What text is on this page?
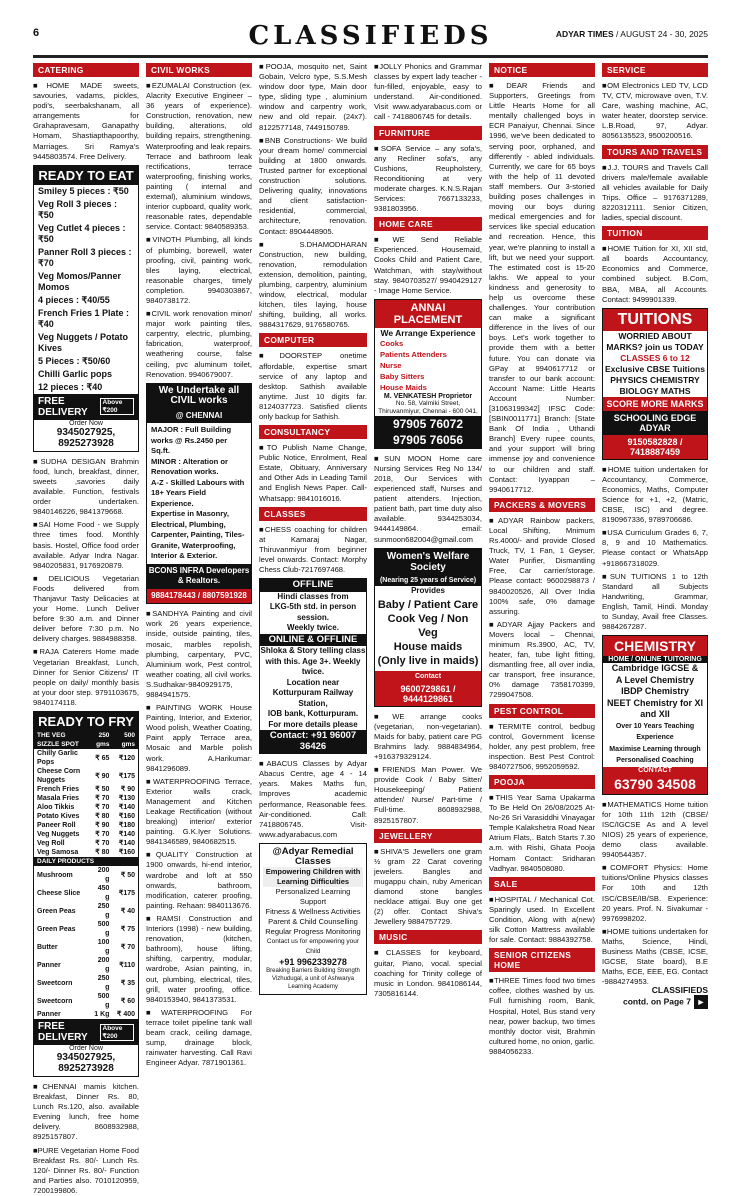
6	CLASSIFIEDS	ADYAR TIMES / AUGUST 24 - 30, 2025
CATERING
■HOME MADE sweets, savouries, vadams, pickles, podi's, seerbakshanam, all arrangements for Grahapravesam, Ganapathy Homam, Shastiapthapoorthy, Marriages. Sri Ramya's 9445803574. Free Delivery.
READY TO EAT
Smiley 5 pieces : ₹50
Veg Roll 3 pieces : ₹50
Veg Cutlet 4 pieces : ₹50
Panner Roll 3 pieces : ₹70
Veg Momos/Panner Momos
4 pieces : ₹40/55
French Fries 1 Plate : ₹40
Veg Nuggets / Potato Kives
5 Pieces : ₹50/60
Chilli Garlic pops
12 pieces : ₹40
FREE DELIVERY
Above ₹200
Order Now
9345027925, 8925273928
■SUDHA DESIGAN Brahmin food, lunch, breakfast, dinner, sweets ,savories daily available. Function, festivals order undertaken. 9840146226, 9841379668.
■SAI Home Food - we Supply three times food. Monthly basis. Hostel, Office food order available. Adyar Indra Nagar. 9840205831, 9176920879.
■DELICIOUS Vegetarian Foods delivered from Thanjavur Tasty Delicacies at your Home. Lunch Deliver before 9:30 a.m. and Dinner deliver before 7:30 p.m. No delivery charges. 9884988358.
■RAJA Caterers Home made Vegetarian Breakfast, Lunch, Dinner for Senior Citizens/ IT people on daily/ monthly basis at your door step. 9791103675, 9840174118.
READY TO FRY
THE VEG SIZZLE SPOT	250 gms	500 gms
Chilly Garlic Pops	₹ 65	₹120
Cheese Corn Nuggets	₹ 90	₹175
French Fries	₹ 50	₹ 90
Masala Fries	₹ 70	₹130
Aloo Tikkis	₹ 70	₹140
Potato Kives	₹ 80	₹160
Paneer Roll	₹ 90	₹180
Veg Nuggets	₹ 70	₹140
Veg Roll	₹ 70	₹140
Veg Samosa	₹ 80	₹160
DAILY PRODUCTS		
Mushroom	200 g	₹ 50
Cheese Slice	450 g	₹175
Green Peas	250 g	₹ 40
Green Peas	500 g	₹ 75
Butter	100 g	₹ 70
Panner	200 g	₹110
Sweetcorn	250 g	₹ 35
Sweetcorn	500 g	₹ 60
Panner	1 Kg	₹ 400
FREE DELIVERY
Above ₹200
Order Now
9345027925, 8925273928
■CHENNAI mamis kitchen. Breakfast, Dinner Rs. 80, Lunch Rs.120, also. available Evening lunch, free home delivery. 8608932988, 8925157807.
■PURE Vegetarian Home Food Breakfast Rs. 80/- Lunch Rs. 120/- Dinner Rs. 80/- Function and Parties also. 7010120959, 7200199806.
CIVIL WORKS
■EZUMALAI Construction (ex. Alacrity Executive Engineer – 36 years of experience). Construction, renovation, new building, alterations, old building repairs, strengthening. Waterproofing and leak repairs. Terrace and bathroom leak rectifications, terrace waterproofing, finishing works, painting ( internal and external), aluminium windows, interior cupboard, quality work, reasonable rates, dependable service. Contact: 9840589353.
■VINOTH Plumbing, all kinds of plumbing, borewell, water proofing, civil, painting work, tiles laying, electrical, reasonable charges, timely completion. 9940303867, 9840738172.
■CIVIL work renovation minor/ major work painting tiles, carpentry, electric, plumbing, fabrication, waterproof, weathering course, false ceiling, pvc aluminum toilet, Renovation. 9940679007.
We Undertake all CIVIL works
@ CHENNAI
MAJOR : Full Building works @ Rs.2450 per Sq.ft.
MINOR : Alteration or Renovation works.
A-Z - Skilled Labours with 18+ Years Field Experience.
Expertise in Masonry, Electrical, Plumbing, Carpenter, Painting, Tiles-Granite, Waterproofing, Interior & Exterior.
BCONS INFRA Developers & Realtors.
9884178443 / 8807591928
■SANDHYA Painting and civil work 26 years experience, inside, outside painting, tiles, mosaic, marbles repolish, plumbing, carpentary, PVC, Aluminium work, Pest control, weather coating, all civil works. S.Sudhakar-9840929175, 9884941575.
■PAINTING WORK House Painting, Interior, and Exterior, Wood polish, Weather Coating, Paint apply Terrace area, Mosaic and Marble polish work. A.Harikumar: 9841296089.
■WATERPROOFING Terrace, Exterior walls crack, Management and Kitchen Leakage Rectification (without breaking) interior/ exterior painting. G.K.Iyer Solutions. 9841346589, 9840682515.
■QUALITY Construction at 1900 onwards, hi-end interior, wardrobe and loft at 550 onwards, bathroom, modification, caterer proofing, painting. Rehaan: 9840113676.
■RAMSI Construction and Interiors (1998) - new building, renovation, (kitchen, bathroom), house lifting, shifting, carpentry, modular, wardrobe, Asian painting, in, out, plumbing, electrical, tiles, grill, water proofing, office. 9840153940, 9841373531.
■WATERPROOFING For terrace toilet pipeline tank wall beam crack, ceiling damage, sump, drainage block, rainwater harvesting. Call Ravi Engineer Adyar. 7871901361.
■POOJA, mosquito net, Saint Gobain, Velcro type, S.S.Mesh window door type, Main door type, sliding type , aluminium window and carpentry work, new and old repair. (24x7). 8122577148, 7449150789.
■BNB Constructions- We build your dream home/ commercial building at 1800 onwards. Trusted partner for exceptional construction solutions. Delivering quality, innovations and client satisfaction- residential, commercial, architecture, renovation. Contact: 8904448905.
■S.DHAMODHARAN Construction, new building, renovation, remodulation extension, demolition, painting, plumbing, carpentry, aluminium window, electrical, modular kitchen, tiles laying, house shifting, building, all works. 9884317629, 9176580765.
COMPUTER
■DOORSTEP onetime affordable, expertise smart service of any laptop and desktop. Sathish available anytime. Just 10 digits far. 8124037723. Satisfied clients only backup for Sathish.
CONSULTANCY
■TO Publish Name Change, Public Notice, Enrolment, Real Estate, Obituary, Anniversary and Other Ads in Leading Tamil and English News Paper. Call-Whatsapp: 9841016016.
CLASSES
■CHESS coaching for children at Kamaraj Nagar, Thiruvanmiyur from beginner level onwards. Contact: Morphy Chess Club-7217697468.
OFFLINE
Hindi classes from
LKG-5th std. in person session.
Weekly twice.
ONLINE & OFFLINE
Shloka & Story telling class
with this. Age 3+. Weekly twice.
Location near
Kotturpuram Railway Station,
IOB bank, Kotturpuram.
For more details please
Contact: +91 96007 36426
■ABACUS Classes by Adyar Abacus Centre, age 4 - 14 years. Makes Maths fun, Improves academic performance, Reasonable fees. Air-conditioned. Call: 7418806745. Visit- www.adyarabacus.com
@Adyar Remedial Classes
Empowering Children with Learning Difficulties
Personalized Learning Support
Fitness & Wellness Activities
Parent & Child Counselling
Regular Progress Monitoring
Contact us for empowering your Child
+91 9962339278
Breaking Barriers Building Strength Vizhudugal, a unit of Ashwarya Learning Academy
■JOLLY Phonics and Grammar classes by expert lady teacher - fun-filled, enjoyable, easy to understand. Air-conditioned. Visit www.adyarabacus.com or call - 7418806745 for details.
FURNITURE
■SOFA Service – any sofa's, any Recliner sofa's, any Cushions, Reupholstery, Reconditioning at very moderate charges. K.N.S.Rajan Services: 7667133233, 9381803956.
HOME CARE
■WE Send Reliable Experienced. Housemaid, Cooks Child and Patient Care, Watchman, with stay/without stay. 9840703527/ 9940429127 - Image Home Service.
ANNAI PLACEMENT
We Arrange Experience
Cooks
Patients Attenders
Nurse
Baby Sitters
House Maids
M. VENKATESH Proprietor
No. 58, Valmiki Street, Thiruvanmiyur, Chennai - 600 041.
97905 76072
97905 76056
■SUN MOON Home care Nursing Services Reg No 134/ 2018, Our Services with experienced staff, Nurses and patient attenders. Injection, patient bath, part time duty also available. 9344253034, 9444149864. email: sunmoon682004@gmail.com
Women's Welfare Society
(Nearing 25 years of Service)
Provides
Baby / Patient Care
Cook Veg / Non Veg
House maids
(Only live in maids)
Contact
9600729861 / 9444129861
■WE arrange cooks (vegetarian, non-vegetarian). Maids for baby, patient care PG Brahmins lady. 9884834964, +916379329124.
■FRIENDS Man Power. We provide Cook / Baby Sitter/ Housekeeping/ Patient attender/ Nurse/ Part-time / Full-time. 8608932988, 8925157807.
JEWELLERY
■SHIVA'S Jewellers one gram ½ gram 22 Carat covering jewelers. Bangles and mugappu chain, ruby American diamond stone bangles necklace attigai. Buy one get (2) offer. Contact Shiva's Jewellery 9884757729.
MUSIC
■CLASSES for keyboard, guitar, Piano, vocal. special coaching for Trinity college of music in London. 9841086144, 7305816144.
NOTICE
■DEAR Friends and Supporters, Greetings from Little Hearts Home for all mentally challenged boys in ECR Panaiyur, Chennai. Since 1996, we've been dedicated to serving poor, orphaned, and differently - abled individuals. Currently, we care for 65 boys with the help of 11 devoted staff members. Our 3-storied building poses challenges in moving our boys during medical emergencies and for services like special education and recreation. Hence, this year, we're planning to install a lift, but we need your support. The estimated cost is 15-20 lakhs. We appeal to your kindness and generosity to help us overcome these challenges. Your contribution can make a significant difference in the lives of our boys. Let's work together to provide them with a better future. You can donate via GPay at 9940617712 or transfer to our bank account: Account Name: Little Hearts Account Number: [31063199342] IFSC Code: [SBIN0011771] Branch: [State Bank Of India , Uthandi Branch] Every rupee counts, and your support will bring immense joy and convenience to our children and staff. Contact: Iyyappan – 9940617712.
PACKERS & MOVERS
■ADYAR Rainbow packers, Local Shifting, Mnimum Rs.4000/- and provide Closed Truck, TV, 1 Fan, 1 Geyser, Water Purifier, Dismantling Free, Car carrier/storage. Please contact: 9600298873 / 9840020526, All Over India 100% safe, 0% damage assuring.
■ADYAR Ajjay Packers and Movers local – Chennai, minimum Rs.3900, AC, TV, heater, fan, tube light fitting, dismantling free, all over india, car transport, free insurance, 0% damage 7358170399, 7299047508.
PEST CONTROL
■TERMITE control, bedbug control, Government license holder, any pest problem, free inspection. Best Pest Control: 9840727506, 9952059592.
POOJA
■THIS Year Sama Upakarma To Be Held On 26/08/2025 At- No-26 Sri Varasiddhi Vinayagar Temple Kalakshetra Road Near Atrium Flats,. Batch Starts 7.30 a.m. with Rishi, Ghata Pooja Homam Contact: Sridharan Vadhyar. 9840508080.
SALE
■HOSPITAL / Mechanical Cot. Sparingly used. In Excellent Condition, Along with a(new) silk Cotton Mattress available for sale. Contact: 9884392758.
SENIOR CITIZENS HOME
■THREE Times food two times coffee, clothes washed by us. Full furnishing room, Bank, Hospital, Hotel, Bus stand very near, power backup, two times monthly doctor visit, Brahmin cultured home, no onion, garlic. 9884056233.
SERVICE
■OM Electronics LED TV, LCD TV, CTV, microwave oven, T.V. Care, washing machine, AC, water heater, doorstep service. L.B.Road, 97, Adyar. 8056135523, 9500200516.
TOURS AND TRAVELS
■J.J. TOURS and Travels Call drivers male/female available all vehicles available for Daily Trips. Office – 9176371289, 8220312111. Senior Citizen, ladies, special discount.
TUITION
■HOME Tuition for XI, XII std, all boards Accountancy, Economics and Commerce, combined subject. B.Com, BBA, MBA, all Accounts. Contact: 9499901339.
TUITIONS
WORRIED ABOUT MARKS? join us TODAY
CLASSES 6 to 12
Exclusive CBSE Tuitions
PHYSICS CHEMISTRY BIOLOGY MATHS
SCORE MORE MARKS
SCHOOLING EDGE ADYAR
9150582828 / 7418887459
■HOME tuition undertaken for Accountancy, Commerce, Economics, Maths, Computer Science for +1, +2, (Matric, CBSE, ISC) and degree. 8190967336, 9789706686.
■USA Curriculum Grades 6, 7, 8, 9 and 10 Mathematics. Please contact or WhatsApp +918667318029.
■SUN TUITIONS 1 to 12th Standard all Subjects Handwriting, Grammar, English, Tamil, Hindi. Monday to Sunday, Avail free Classes. 9884267287.
CHEMISTRY
HOME / ONLINE TUITORING
Cambridge IGCSE &
A Level Chemistry
IBDP Chemistry
NEET Chemistry for XI and XII
Over 10 Years Teaching Experience
Maximise Learning through Personalised Coaching
CONTACT
63790 34508
■MATHEMATICS Home tuition for 10th 11th 12th (CBSE/ ISC/IGCSE As and A level NIOS) 25 years of experience, demo class available. 9940544357.
■COMFORT Physics: Home tuitions/Online Physics classes For 10th and 12th ISC/CBSE/IB/SB. Experience: 20 years. Prof. N. Sivakumar - 9976998202.
■HOME tuitions undertaken for Maths, Science, Hindi, Business Maths (CBSE, ICSE, IGCSE, State board), B.E Maths, ECE, EEE, EG. Contact -9884274953.
CLASSIFIEDS
contd. on Page 7 ►
